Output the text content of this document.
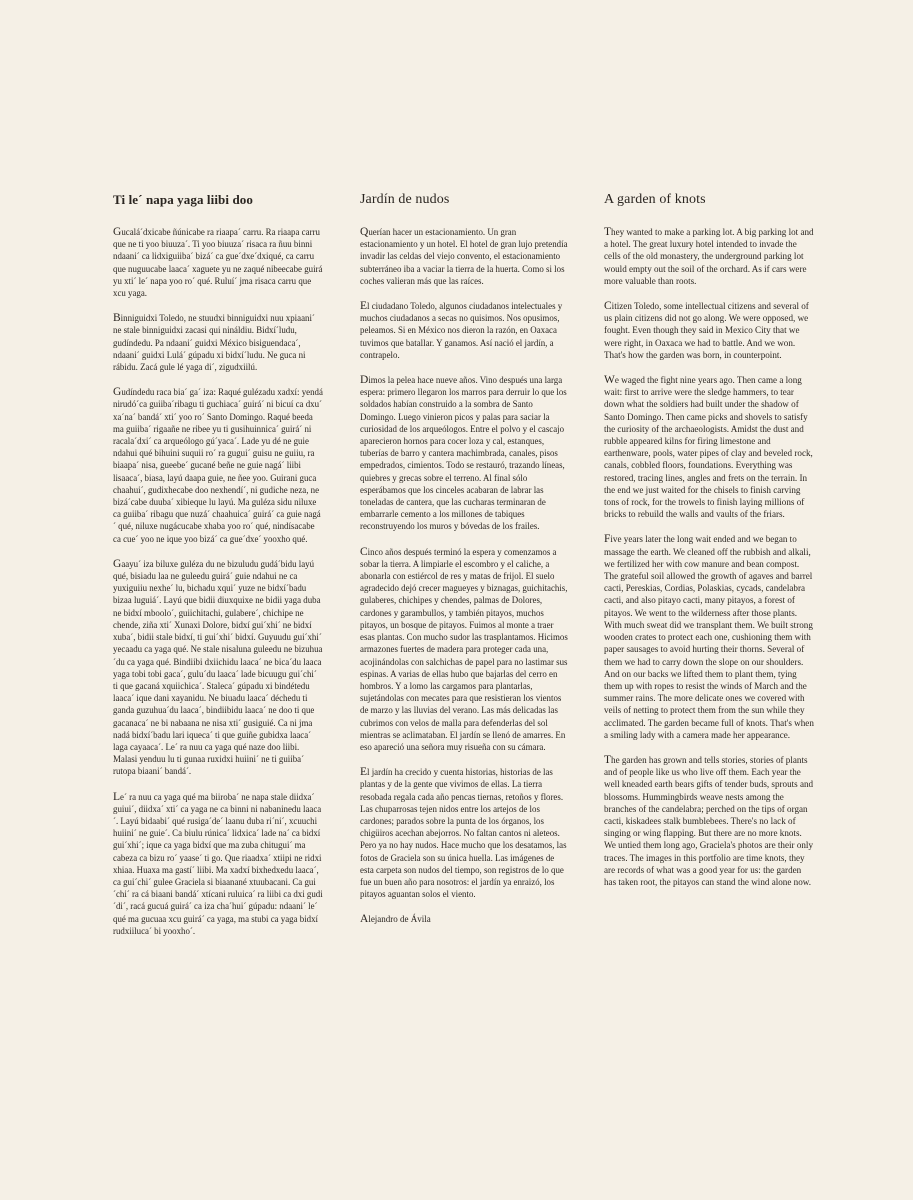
Ti le´ napa yaga liibi doo

Gucalá´dxicabe ñúnicabe ra riaapa´ carru. Ra riaapa carru que ne ti yoo biuuza´. Ti yoo biuuza´ risaca ra ñuu binni ndaani´ ca lidxiguiiba´ bizá´ ca gue´dxe´dxiqué, ca carru que nuguucabe laaca´ xaguete yu ne zaqué nibeecabe guirá yu xti´ le´ napa yoo ro´ qué. Ruluí´ jma risaca carru que xcu yaga.

Binniguidxi Toledo, ne stuudxi binniguidxi nuu xpiaani´ ne stale binniguidxi zacasi qui nináldiu. Bidxí´ludu, gudíndedu. Pa ndaani´ guidxi México bisiguendaca´, ndaani´ guidxi Lulá´ gúpadu xi bidxí´ludu. Ne guca ni rábidu. Zacá gule lé yaga di´, zigudxiilú.

Gudíndedu raca bia´ ga´ iza: Raqué gulézadu xadxí: yendá nirudó´ca guiiba´ribagu ti guchiaca´ guirá´ ni bicuí ca dxu´ xa´na´ bandá´ xti´ yoo ro´ Santo Domingo. Raqué beeda ma guiiba´ rigaañe ne ribee yu ti gusihuinnica´ guirá´ ni racala´dxi´ ca arqueólogo gú´yaca´. Lade yu dé ne guie ndahui qué bihuini suquii ro´ ra gugui´ guisu ne guiiu, ra biaapa´ nisa, gueebe´ gucané beñe ne guie nagá´ liibi lisaaca´, biasa, layú daapa guie, ne ñee yoo. Guirani guca chaahui´, gudixhecabe doo nexhendí´, ni gudiche neza, ne bizá´cabe duuba´ xibieque lu layú. Ma guléza sidu niluxe ca guiiba´ ribagu que nuzá´ chaahuica´ guirá´ ca guie nagá´ qué, niluxe nugácucabe xhaba yoo ro´ qué, nindísacabe ca cue´ yoo ne ique yoo bizá´ ca gue´dxe´ yooxho qué.

Gaayu´ iza biluxe guléza du ne bizuludu gudá´bidu layú qué, bisiadu laa ne guleedu guirá´ guie ndahui ne ca yuxiguiiu nexhe´ lu, bichadu xqui´ yuze ne bidxí´badu bizaa luguiá´. Layú que bidii diuxquixe ne bidii yaga duba ne bidxí mboolo´, guiichitachi, gulabere´, chichipe ne chende, ziña xti´ Xunaxi Dolore, bidxí gui´xhi´ ne bidxí xuba´, bidii stale bidxí, ti gui´xhi´ bidxí. Guyuudu gui´xhi´ yecaadu ca yaga qué. Ne stale nisaluna guleedu ne bizuhua´du ca yaga qué. Bindiibi dxiichidu laaca´ ne bica´du laaca yaga tobi tobi gaca´, gulu´du laaca´ lade bicuugu gui´chi´ ti que gacaná xquiichica´. Staleca´ gúpadu xi bindétedu laaca´ ique dani xayanidu. Ne biuadu laaca´ déchedu ti ganda guzuhua´du laaca´, bindiibidu laaca´ ne doo ti que gacanaca´ ne bi nabaana ne nisa xti´ gusiguié. Ca ni jma nadá bidxí´badu lari iqueca´ ti que guiñe gubidxa laaca´ laga cayaaca´. Le´ ra nuu ca yaga qué naze doo liibi. Malasi yenduu lu ti gunaa ruxidxi huiini´ ne ti guiiba´ rutopa biaani´ bandá´.

Le´ ra nuu ca yaga qué ma biiroba´ ne napa stale diidxa´ guiui´, diidxa´ xti´ ca yaga ne ca binni ni nabaninedu laaca´. Layú bidaabi´ qué rusiga´de´ laanu duba ri´ni´, xcuuchi huiini´ ne guie´. Ca biulu rúnica´ lidxica´ lade na´ ca bidxí gui´xhi´; ique ca yaga bidxí que ma zuba chitugui´ ma cabeza ca bizu ro´ yaase´ ti go. Que riaadxa´ xtiipi ne ridxi xhiaa. Huaxa ma gastí´ liibi. Ma xadxí bixhedxedu laaca´, ca gui´chi´ gulee Graciela si biaanané xtuubacani. Ca gui´chi´ ra cá biaani bandá´ xtícani ruluica´ ra liibi ca dxi gudi´di´, racá gucuá guirá´ ca iza cha´hui´ gúpadu: ndaani´ le´ qué ma gucuaa xcu guirá´ ca yaga, ma stubi ca yaga bidxí rudxiiluca´ bi yooxho´.

Jardín de nudos

Querían hacer un estacionamiento. Un gran estacionamiento y un hotel. El hotel de gran lujo pretendía invadir las celdas del viejo convento, el estacionamiento subterráneo iba a vaciar la tierra de la huerta. Como si los coches valieran más que las raíces.

El ciudadano Toledo, algunos ciudadanos intelectuales y muchos ciudadanos a secas no quisimos. Nos opusimos, peleamos. Si en México nos dieron la razón, en Oaxaca tuvimos que batallar. Y ganamos. Así nació el jardín, a contrapelo.

Dimos la pelea hace nueve años. Vino después una larga espera: primero llegaron los marros para derruir lo que los soldados habían construido a la sombra de Santo Domingo. Luego vinieron picos y palas para saciar la curiosidad de los arqueólogos. Entre el polvo y el cascajo aparecieron hornos para cocer loza y cal, estanques, tuberías de barro y cantera machimbrada, canales, pisos empedrados, cimientos. Todo se restauró, trazando líneas, quiebres y grecas sobre el terreno. Al final sólo esperábamos que los cinceles acabaran de labrar las toneladas de cantera, que las cucharas terminaran de embarrarle cemento a los millones de tabiques reconstruyendo los muros y bóvedas de los frailes.

Cinco años después terminó la espera y comenzamos a sobar la tierra. A limpiarle el escombro y el caliche, a abonarla con estiércol de res y matas de frijol. El suelo agradecido dejó crecer magueyes y biznagas, guichitachis, gulaberes, chichipes y chendes, palmas de Dolores, cardones y garambullos, y también pitayos, muchos pitayos, un bosque de pitayos. Fuimos al monte a traer esas plantas. Con mucho sudor las trasplantamos. Hicimos armazones fuertes de madera para proteger cada una, acojinándolas con salchichas de papel para no lastimar sus espinas. A varias de ellas hubo que bajarlas del cerro en hombros. Y a lomo las cargamos para plantarlas, sujetándolas con mecates para que resistieran los vientos de marzo y las lluvias del verano. Las más delicadas las cubrimos con velos de malla para defenderlas del sol mientras se aclimataban. El jardín se llenó de amarres. En eso apareció una señora muy risueña con su cámara.

El jardín ha crecido y cuenta historias, historias de las plantas y de la gente que vivimos de ellas. La tierra resobada regala cada año pencas tiernas, retoños y flores. Las chuparrosas tejen nidos entre los artejos de los cardones; parados sobre la punta de los órganos, los chigüiros acechan abejorros. No faltan cantos ni aleteos. Pero ya no hay nudos. Hace mucho que los desatamos, las fotos de Graciela son su única huella. Las imágenes de esta carpeta son nudos del tiempo, son registros de lo que fue un buen año para nosotros: el jardín ya enraizó, los pitayos aguantan solos el viento.

Alejandro de Ávila

A garden of knots

They wanted to make a parking lot. A big parking lot and a hotel. The great luxury hotel intended to invade the cells of the old monastery, the underground parking lot would empty out the soil of the orchard. As if cars were more valuable than roots.

Citizen Toledo, some intellectual citizens and several of us plain citizens did not go along. We were opposed, we fought. Even though they said in Mexico City that we were right, in Oaxaca we had to battle. And we won. That's how the garden was born, in counterpoint.

We waged the fight nine years ago. Then came a long wait: first to arrive were the sledge hammers, to tear down what the soldiers had built under the shadow of Santo Domingo. Then came picks and shovels to satisfy the curiosity of the archaeologists. Amidst the dust and rubble appeared kilns for firing limestone and earthenware, pools, water pipes of clay and beveled rock, canals, cobbled floors, foundations. Everything was restored, tracing lines, angles and frets on the terrain. In the end we just waited for the chisels to finish carving tons of rock, for the trowels to finish laying millions of bricks to rebuild the walls and vaults of the friars.

Five years later the long wait ended and we began to massage the earth. We cleaned off the rubbish and alkali, we fertilized her with cow manure and bean compost. The grateful soil allowed the growth of agaves and barrel cacti, Pereskias, Cordias, Polaskias, cycads, candelabra cacti, and also pitayo cacti, many pitayos, a forest of pitayos. We went to the wilderness after those plants. With much sweat did we transplant them. We built strong wooden crates to protect each one, cushioning them with paper sausages to avoid hurting their thorns. Several of them we had to carry down the slope on our shoulders. And on our backs we lifted them to plant them, tying them up with ropes to resist the winds of March and the summer rains. The more delicate ones we covered with veils of netting to protect them from the sun while they acclimated. The garden became full of knots. That's when a smiling lady with a camera made her appearance.

The garden has grown and tells stories, stories of plants and of people like us who live off them. Each year the well kneaded earth bears gifts of tender buds, sprouts and blossoms. Hummingbirds weave nests among the branches of the candelabra; perched on the tips of organ cacti, kiskadees stalk bumblebees. There's no lack of singing or wing flapping. But there are no more knots. We untied them long ago, Graciela's photos are their only traces. The images in this portfolio are time knots, they are records of what was a good year for us: the garden has taken root, the pitayos can stand the wind alone now.
